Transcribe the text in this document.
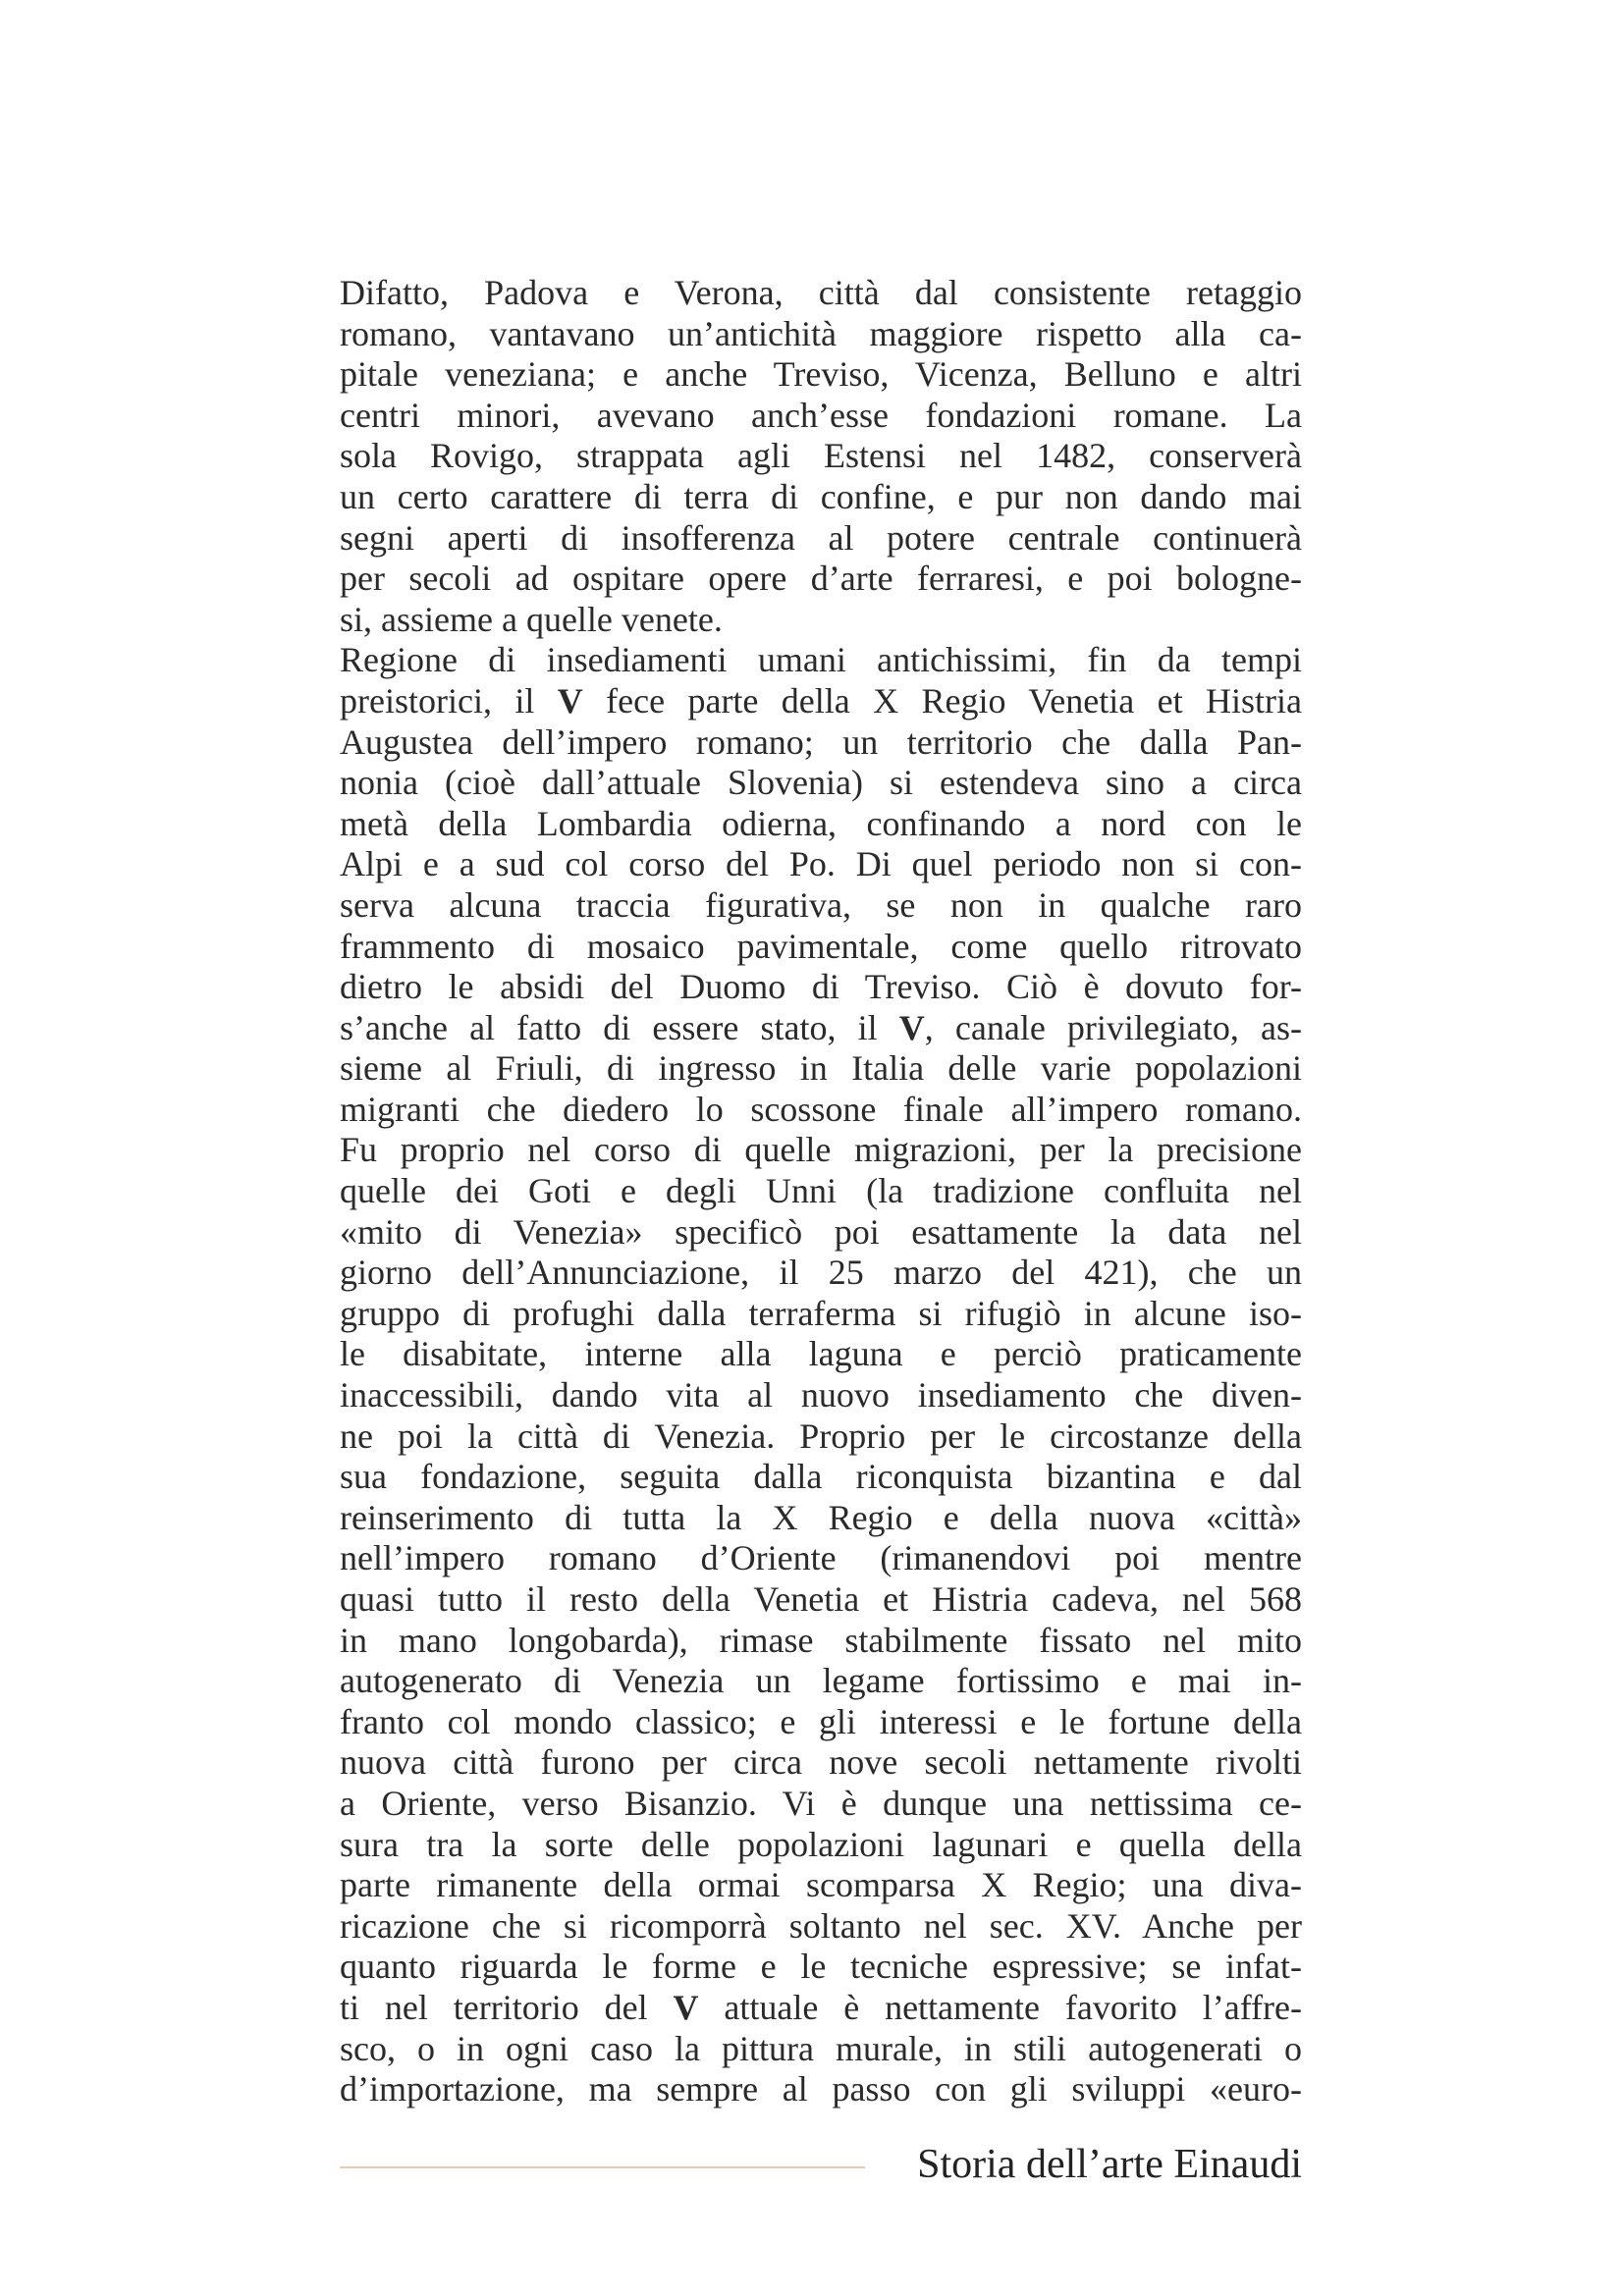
Difatto, Padova e Verona, città dal consistente retaggio
romano, vantavano un’antichità maggiore rispetto alla ca-
pitale veneziana; e anche Treviso, Vicenza, Belluno e altri
centri minori, avevano anch’esse fondazioni romane. La
sola Rovigo, strappata agli Estensi nel 1482, conserverà
un certo carattere di terra di confine, e pur non dando mai
segni aperti di insofferenza al potere centrale continuerà
per secoli ad ospitare opere d’arte ferraresi, e poi bologne-
si, assieme a quelle venete.
Regione di insediamenti umani antichissimi, fin da tempi
preistorici, il V fece parte della X Regio Venetia et Histria
Augustea dell’impero romano; un territorio che dalla Pan-
nonia (cioè dall’attuale Slovenia) si estendeva sino a circa
metà della Lombardia odierna, confinando a nord con le
Alpi e a sud col corso del Po. Di quel periodo non si con-
serva alcuna traccia figurativa, se non in qualche raro
frammento di mosaico pavimentale, come quello ritrovato
dietro le absidi del Duomo di Treviso. Ciò è dovuto for-
s’anche al fatto di essere stato, il V, canale privilegiato, as-
sieme al Friuli, di ingresso in Italia delle varie popolazioni
migranti che diedero lo scossone finale all’impero romano.
Fu proprio nel corso di quelle migrazioni, per la precisione
quelle dei Goti e degli Unni (la tradizione confluita nel
«mito di Venezia» specificò poi esattamente la data nel
giorno dell’Annunciazione, il 25 marzo del 421), che un
gruppo di profughi dalla terraferma si rifugiò in alcune iso-
le disabitate, interne alla laguna e perciò praticamente
inaccessibili, dando vita al nuovo insediamento che diven-
ne poi la città di Venezia. Proprio per le circostanze della
sua fondazione, seguita dalla riconquista bizantina e dal
reinserimento di tutta la X Regio e della nuova «città»
nell’impero romano d’Oriente (rimanendovi poi mentre
quasi tutto il resto della Venetia et Histria cadeva, nel 568
in mano longobarda), rimase stabilmente fissato nel mito
autogenerato di Venezia un legame fortissimo e mai in-
franto col mondo classico; e gli interessi e le fortune della
nuova città furono per circa nove secoli nettamente rivolti
a Oriente, verso Bisanzio. Vi è dunque una nettissima ce-
sura tra la sorte delle popolazioni lagunari e quella della
parte rimanente della ormai scomparsa X Regio; una diva-
ricazione che si ricomporrà soltanto nel sec. XV. Anche per
quanto riguarda le forme e le tecniche espressive; se infat-
ti nel territorio del V attuale è nettamente favorito l’affre-
sco, o in ogni caso la pittura murale, in stili autogenerati o
d’importazione, ma sempre al passo con gli sviluppi «euro-
Storia dell’arte Einaudi
